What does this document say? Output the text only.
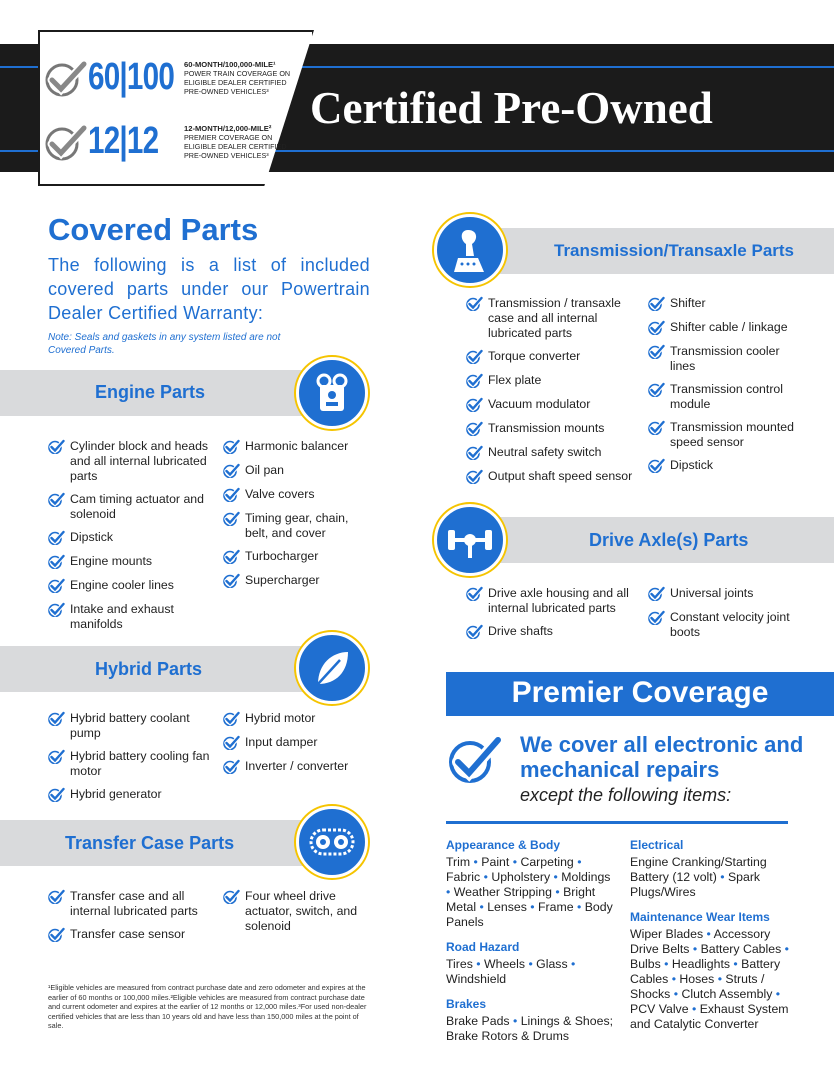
60|100 60-MONTH/100,000-MILE¹
POWER TRAIN COVERAGE ON ELIGIBLE DEALER CERTIFIED PRE-OWNED VEHICLES³
12|12	12-MONTH/12,000-MILE²
PREMIER COVERAGE ON ELIGIBLE DEALER CERTIFIED PRE-OWNED VEHICLES³
Certified Pre-Owned
Covered Parts
The following is a list of included covered parts under our Powertrain Dealer Certified Warranty:
Note: Seals and gaskets in any system listed are not Covered Parts.
Engine Parts
Cylinder block and heads and all internal lubricated parts
Cam timing actuator and solenoid
Dipstick
Engine mounts
Engine cooler lines
Intake and exhaust manifolds
Harmonic balancer
Oil pan
Valve covers
Timing gear, chain, belt, and cover
Turbocharger
Supercharger
Hybrid Parts
Hybrid battery coolant pump
Hybrid battery cooling fan motor
Hybrid generator
Hybrid motor
Input damper
Inverter / converter
Transfer Case Parts
Transfer case and all internal lubricated parts
Transfer case sensor
Four wheel drive actuator, switch, and solenoid
Transmission/Transaxle Parts
Transmission / transaxle case and all internal lubricated parts
Torque converter
Flex plate
Vacuum modulator
Transmission mounts
Neutral safety switch
Output shaft speed sensor
Shifter
Shifter cable / linkage
Transmission cooler lines
Transmission control module
Transmission mounted speed sensor
Dipstick
Drive Axle(s) Parts
Drive axle housing and all internal lubricated parts
Drive shafts
Universal joints
Constant velocity joint boots
Premier Coverage
We cover all electronic and mechanical repairs
except the following items:
Appearance & Body
Trim • Paint • Carpeting • Fabric • Upholstery • Moldings • Weather Stripping • Bright Metal • Lenses • Frame • Body Panels
Road Hazard
Tires • Wheels • Glass • Windshield
Brakes
Brake Pads • Linings & Shoes; Brake Rotors & Drums
Electrical
Engine Cranking/Starting Battery (12 volt) • Spark Plugs/Wires
Maintenance Wear Items
Wiper Blades • Accessory Drive Belts • Battery Cables • Bulbs • Headlights • Battery Cables • Hoses • Struts / Shocks • Clutch Assembly • PCV Valve • Exhaust System and Catalytic Converter
¹Eligible vehicles are measured from contract purchase date and zero odometer and expires at the earlier of 60 months or 100,000 miles.²Eligible vehicles are measured from contract purchase date and current odometer and expires at the earlier of 12 months or 12,000 miles.³For used non-dealer certified vehicles that are less than 10 years old and have less than 150,000 miles at the point of sale.
